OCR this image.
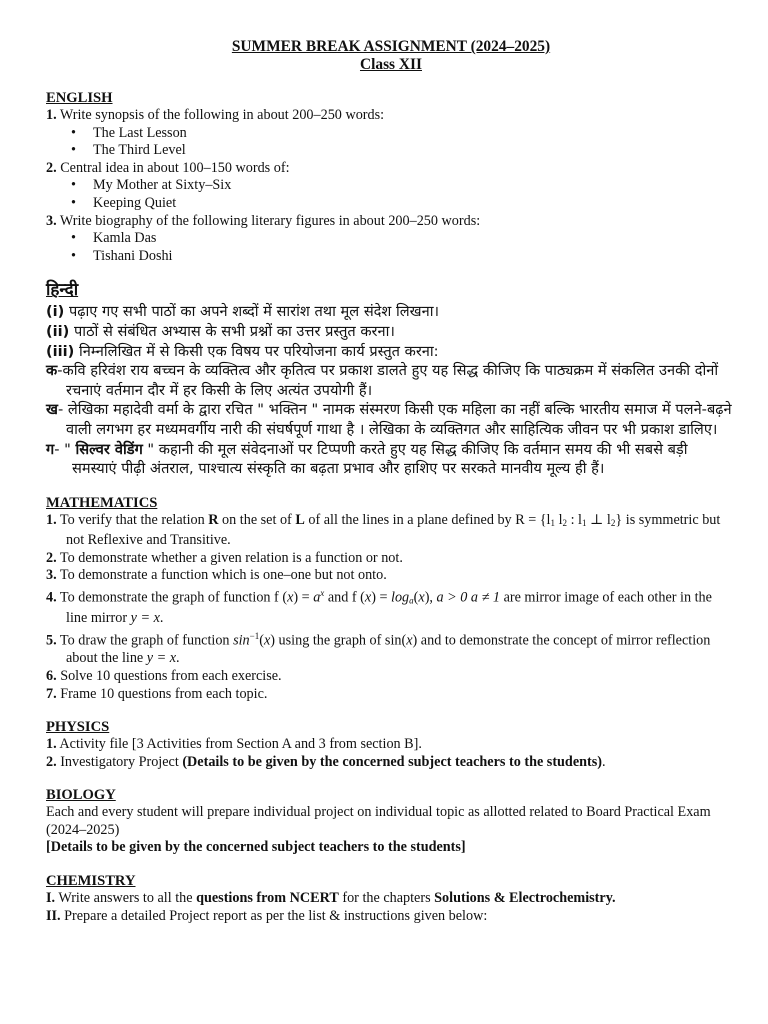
SUMMER BREAK ASSIGNMENT (2024–2025)
Class XII
ENGLISH
1. Write synopsis of the following in about 200–250 words:
• The Last Lesson
• The Third Level
2. Central idea in about 100–150 words of:
• My Mother at Sixty–Six
• Keeping Quiet
3. Write biography of the following literary figures in about 200–250 words:
• Kamla Das
• Tishani Doshi
हिन्दी
(i) पढ़ाए गए सभी पाठों का अपने शब्दों में सारांश तथा मूल संदेश लिखना।
(ii) पाठों से संबंधित अभ्यास के सभी प्रश्नों का उत्तर प्रस्तुत करना।
(iii) निम्नलिखित में से किसी एक विषय पर परियोजना कार्य प्रस्तुत करना:
क-कवि हरिवंश राय बच्चन के व्यक्तित्व और कृतित्व पर प्रकाश डालते हुए यह सिद्ध कीजिए कि पाठ्यक्रम में संकलित उनकी दोनों रचनाएं वर्तमान दौर में हर किसी के लिए अत्यंत उपयोगी हैं।
ख- लेखिका महादेवी वर्मा के द्वारा रचित " भक्तिन " नामक संस्मरण किसी एक महिला का नहीं बल्कि भारतीय समाज में पलने-बढ़ने वाली लगभग हर मध्यमवर्गीय नारी की संघर्षपूर्ण गाथा है । लेखिका के व्यक्तिगत और साहित्यिक जीवन पर भी प्रकाश डालिए।
ग- " सिल्वर वेडिंग " कहानी की मूल संवेदनाओं पर टिप्पणी करते हुए यह सिद्ध कीजिए कि वर्तमान समय की भी सबसे बड़ी समस्याएं पीढ़ी अंतराल, पाश्चात्य संस्कृति का बढ़ता प्रभाव और हाशिए पर सरकते मानवीय मूल्य ही हैं।
MATHEMATICS
1. To verify that the relation R on the set of L of all the lines in a plane defined by $R = \{l_1$ $l_2$ : $l_1$ ⊥ $l_2$} is symmetric but not Reflexive and Transitive.
2. To demonstrate whether a given relation is a function or not.
3. To demonstrate a function which is one–one but not onto.
4. To demonstrate the graph of function f $(x) = a^x$ and f $(x) = \log_a(x)$, a > 0 a ≠ 1 are mirror image of each other in the line mirror y = x.
5. To draw the graph of function $\sin^{-1}(x)$ using the graph of sin(x) and to demonstrate the concept of mirror reflection about the line y = x.
6. Solve 10 questions from each exercise.
7. Frame 10 questions from each topic.
PHYSICS
1. Activity file [3 Activities from Section A and 3 from section B].
2. Investigatory Project (Details to be given by the concerned subject teachers to the students).
BIOLOGY
Each and every student will prepare individual project on individual topic as allotted related to Board Practical Exam (2024–2025)
[Details to be given by the concerned subject teachers to the students]
CHEMISTRY
I. Write answers to all the questions from NCERT for the chapters Solutions & Electrochemistry.
II. Prepare a detailed Project report as per the list & instructions given below:
